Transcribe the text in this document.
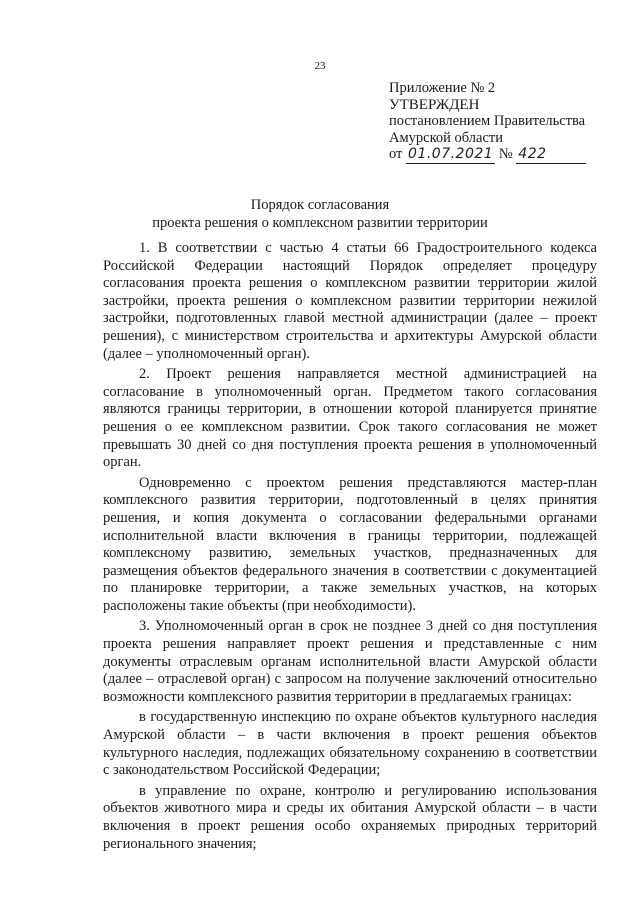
23
Приложение № 2
УТВЕРЖДЕН
постановлением Правительства
Амурской области
от 01.07.2021 № 422
Порядок согласования
проекта решения о комплексном развитии территории

1. В соответствии с частью 4 статьи 66 Градостроительного кодекса Российской Федерации настоящий Порядок определяет процедуру согласования проекта решения о комплексном развитии территории жилой застройки, проекта решения о комплексном развитии территории нежилой застройки, подготовленных главой местной администрации (далее – проект решения), с министерством строительства и архитектуры Амурской области (далее – уполномоченный орган).

2. Проект решения направляется местной администрацией на согласование в уполномоченный орган. Предметом такого согласования являются границы территории, в отношении которой планируется принятие решения о ее комплексном развитии. Срок такого согласования не может превышать 30 дней со дня поступления проекта решения в уполномоченный орган.

Одновременно с проектом решения представляются мастер-план комплексного развития территории, подготовленный в целях принятия решения, и копия документа о согласовании федеральными органами исполнительной власти включения в границы территории, подлежащей комплексному развитию, земельных участков, предназначенных для размещения объектов федерального значения в соответствии с документацией по планировке территории, а также земельных участков, на которых расположены такие объекты (при необходимости).

3. Уполномоченный орган в срок не позднее 3 дней со дня поступления проекта решения направляет проект решения и представленные с ним документы отраслевым органам исполнительной власти Амурской области (далее – отраслевой орган) с запросом на получение заключений относительно возможности комплексного развития территории в предлагаемых границах:

в государственную инспекцию по охране объектов культурного наследия Амурской области – в части включения в проект решения объектов культурного наследия, подлежащих обязательному сохранению в соответствии с законодательством Российской Федерации;

в управление по охране, контролю и регулированию использования объектов животного мира и среды их обитания Амурской области – в части включения в проект решения особо охраняемых природных территорий регионального значения;
